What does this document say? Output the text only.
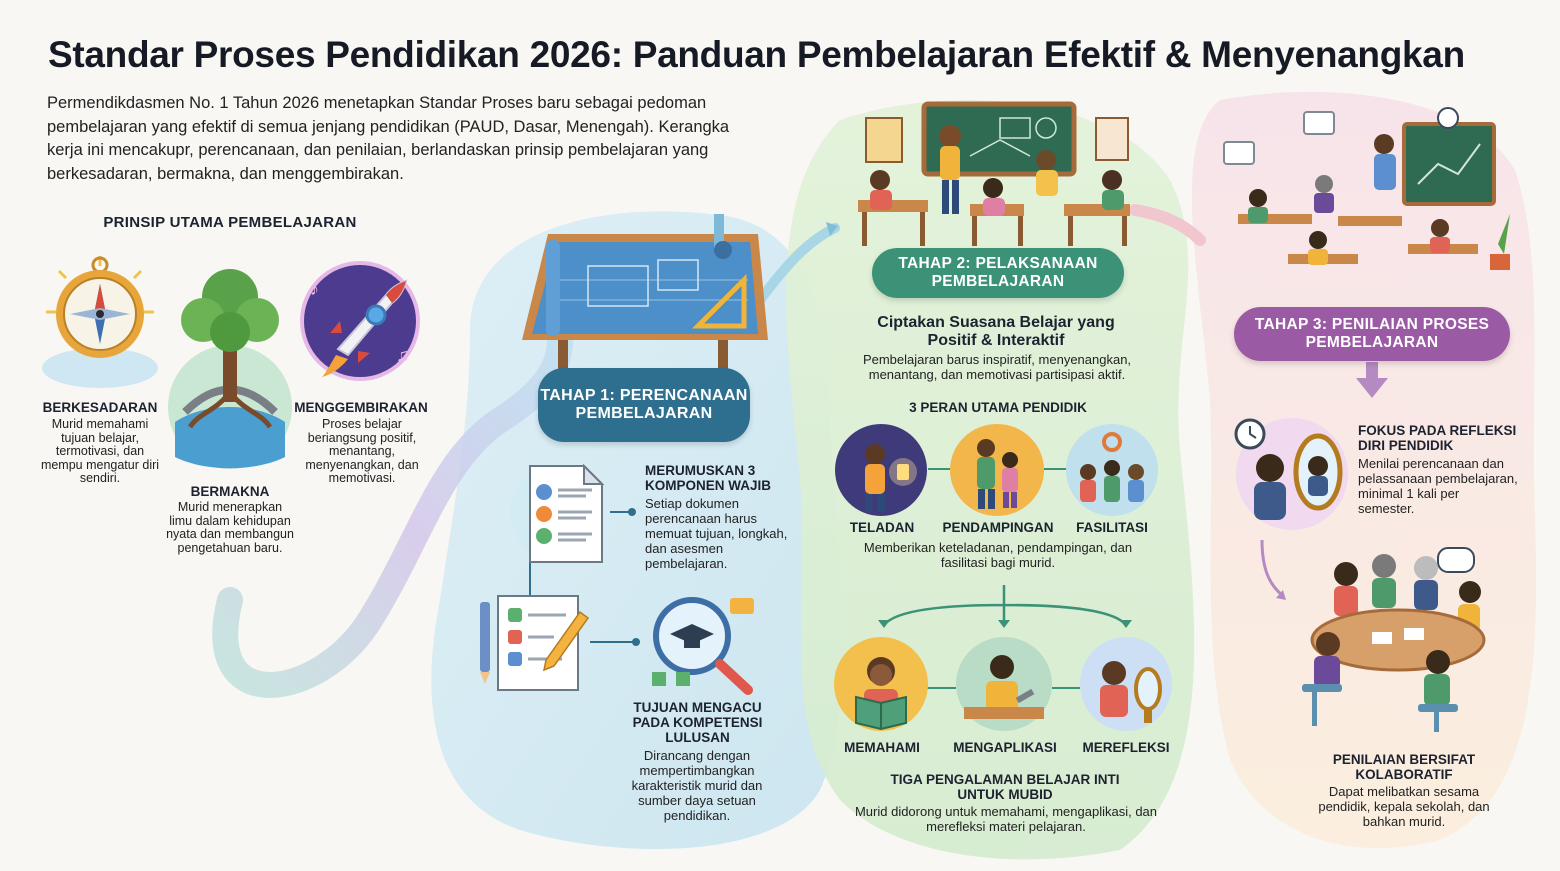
Standar Proses Pendidikan 2026: Panduan Pembelajaran Efektif & Menyenangkan
Permendikdasmen No. 1 Tahun 2026 menetapkan Standar Proses baru sebagai pedoman pembelajaran yang efektif di semua jenjang pendidikan (PAUD, Dasar, Menengah). Kerangka kerja ini mencakupr, perencanaan, dan penilaian, berlandaskan prinsip pembelajaran yang berkesadaran, bermakna, dan menggembirakan.
PRINSIP UTAMA PEMBELAJARAN
BERKESADARAN
Murid memahami tujuan belajar, termotivasi, dan mempu mengatur diri sendiri.
BERMAKNA
Murid menerapkan limu dalam kehidupan nyata dan membangun pengetahuan baru.
♪
♫
MENGGEMBIRAKAN
Proses belajar beriangsung positif, menantang, menyenangkan, dan memotivasi.
TAHAP 1: PERENCANAAN PEMBELAJARAN
MERUMUSKAN 3 KOMPONEN WAJIB
Setiap dokumen perencanaan harus memuat tujuan, longkah, dan asesmen pembelajaran.
TUJUAN MENGACU PADA KOMPETENSI LULUSAN
Dirancang dengan mempertimbangkan karakteristik murid dan sumber daya setuan pendidikan.
TAHAP 2: PELAKSANAAN PEMBELAJARAN
Ciptakan Suasana Belajar yang Positif & Interaktif
Pembelajaran barus inspiratif, menyenangkan, menantang, dan memotivasi partisipasi aktif.
3 PERAN UTAMA PENDIDIK
TELADAN	PENDAMPINGAN	FASILITASI
Memberikan keteladanan, pendampingan, dan fasilitasi bagi murid.
MEMAHAMI	MENGAPLIKASI	MEREFLEKSI
TIGA PENGALAMAN BELAJAR INTI UNTUK MUBID
Murid didorong untuk memahami, mengaplikasi, dan merefleksi materi pelajaran.
TAHAP 3: PENILAIAN PROSES PEMBELAJARAN
FOKUS PADA REFLEKSI DIRI PENDIDIK
Menilai perencanaan dan pelassanaan pembelajaran, minimal 1 kali per semester.
PENILAIAN BERSIFAT KOLABORATIF
Dapat melibatkan sesama pendidik, kepala sekolah, dan bahkan murid.
